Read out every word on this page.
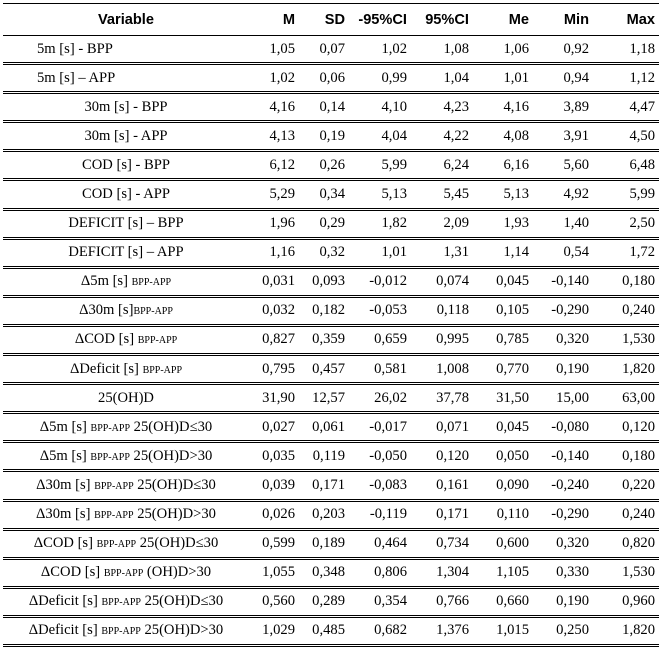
Variable	M	SD	-95%CI	95%CI	Me	Min	Max
5m [s] - BPP	1,05	0,07	1,02	1,08	1,06	0,92	1,18
5m [s] – APP	1,02	0,06	0,99	1,04	1,01	0,94	1,12
30m [s] - BPP	4,16	0,14	4,10	4,23	4,16	3,89	4,47
30m [s] - APP	4,13	0,19	4,04	4,22	4,08	3,91	4,50
COD [s] - BPP	6,12	0,26	5,99	6,24	6,16	5,60	6,48
COD [s] - APP	5,29	0,34	5,13	5,45	5,13	4,92	5,99
DEFICIT [s] – BPP	1,96	0,29	1,82	2,09	1,93	1,40	2,50
DEFICIT [s] – APP	1,16	0,32	1,01	1,31	1,14	0,54	1,72
Δ5m [s] BPP-APP	0,031	0,093	-0,012	0,074	0,045	-0,140	0,180
Δ30m [s]BPP-APP	0,032	0,182	-0,053	0,118	0,105	-0,290	0,240
ΔCOD [s] BPP-APP	0,827	0,359	0,659	0,995	0,785	0,320	1,530
ΔDeficit [s] BPP-APP	0,795	0,457	0,581	1,008	0,770	0,190	1,820
25(OH)D	31,90	12,57	26,02	37,78	31,50	15,00	63,00
Δ5m [s] BPP-APP 25(OH)D≤30	0,027	0,061	-0,017	0,071	0,045	-0,080	0,120
Δ5m [s] BPP-APP 25(OH)D>30	0,035	0,119	-0,050	0,120	0,050	-0,140	0,180
Δ30m [s] BPP-APP 25(OH)D≤30	0,039	0,171	-0,083	0,161	0,090	-0,240	0,220
Δ30m [s] BPP-APP 25(OH)D>30	0,026	0,203	-0,119	0,171	0,110	-0,290	0,240
ΔCOD [s] BPP-APP 25(OH)D≤30	0,599	0,189	0,464	0,734	0,600	0,320	0,820
ΔCOD [s] BPP-APP (OH)D>30	1,055	0,348	0,806	1,304	1,105	0,330	1,530
ΔDeficit [s] BPP-APP 25(OH)D≤30	0,560	0,289	0,354	0,766	0,660	0,190	0,960
ΔDeficit [s] BPP-APP 25(OH)D>30	1,029	0,485	0,682	1,376	1,015	0,250	1,820
